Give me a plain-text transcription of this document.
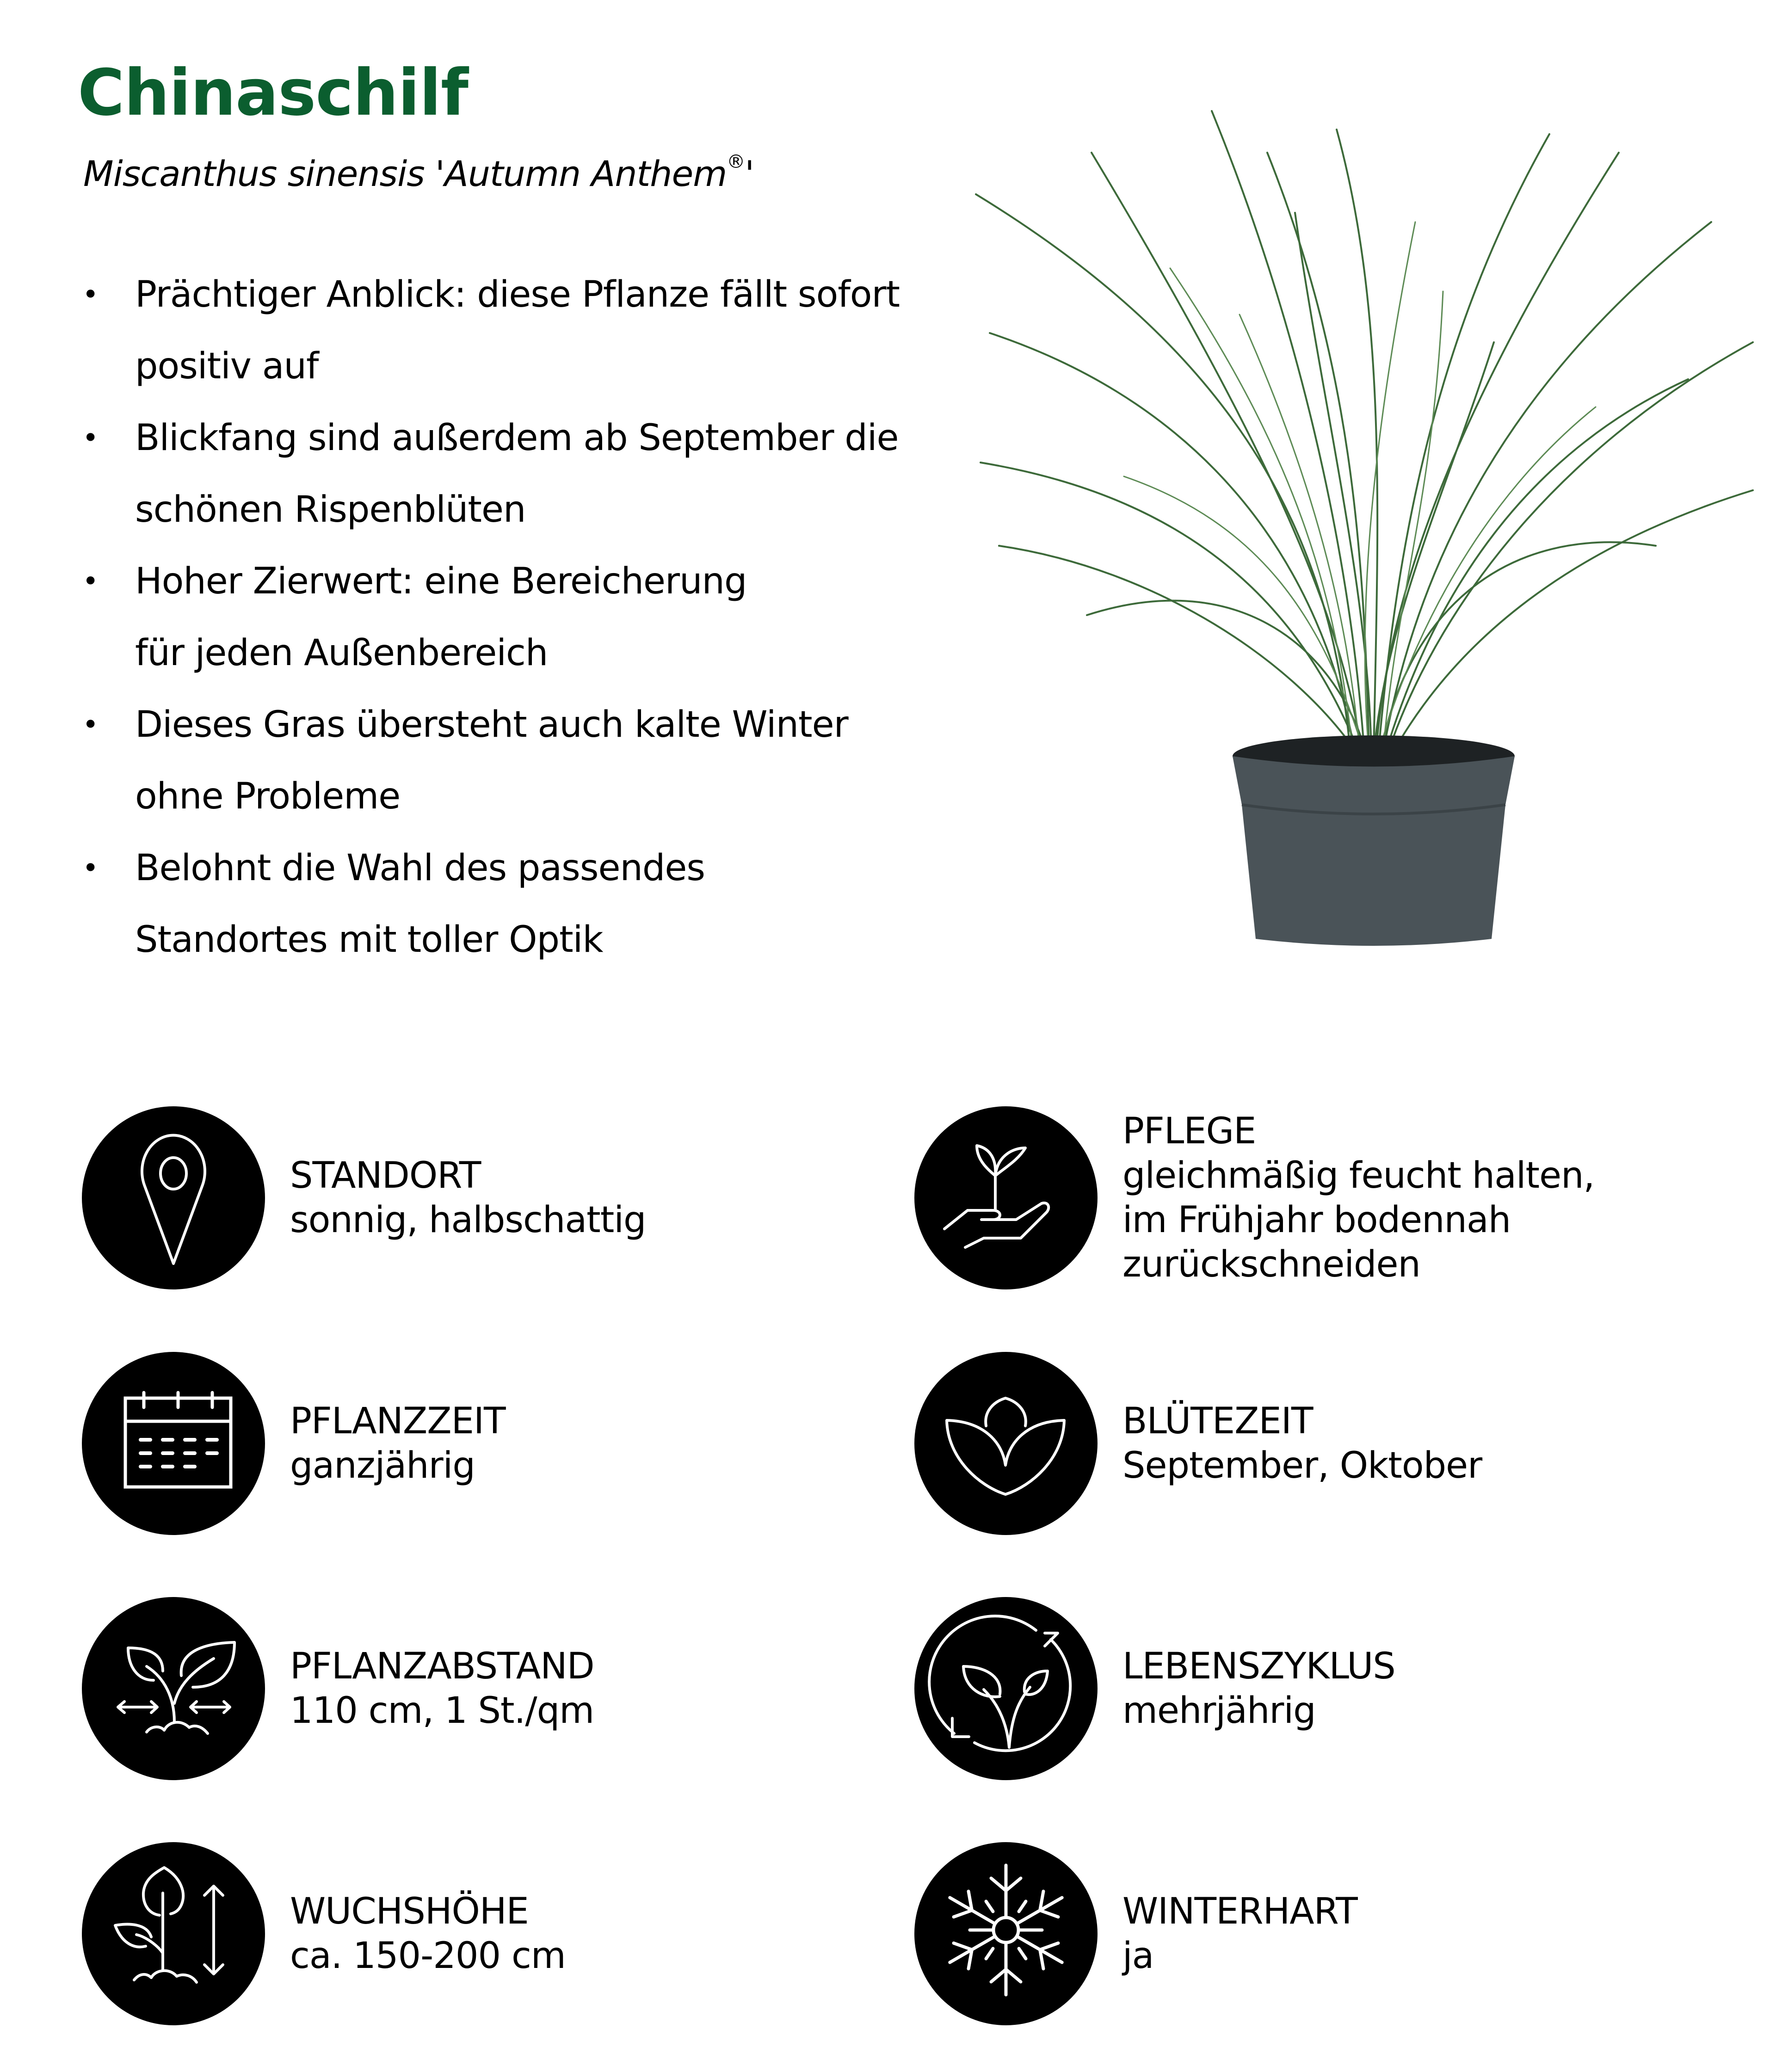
Chinaschilf

Miscanthus sinensis 'Autumn Anthem®'

• Prächtiger Anblick: diese Pflanze fällt sofort
positiv auf
• Blickfang sind außerdem ab September die
schönen Rispenblüten
• Hoher Zierwert: eine Bereicherung
für jeden Außenbereich
• Dieses Gras übersteht auch kalte Winter
ohne Probleme
• Belohnt die Wahl des passendes
Standortes mit toller Optik
STANDORT
sonnig, halbschattig
PFLEGE
gleichmäßig feucht halten,
im Frühjahr bodennah
zurückschneiden
PFLANZZEIT
ganzjährig
BLÜTEZEIT
September, Oktober
PFLANZABSTAND
110 cm, 1 St./qm
LEBENSZYKLUS
mehrjährig
WUCHSHÖHE
ca. 150-200 cm
WINTERHART
ja
